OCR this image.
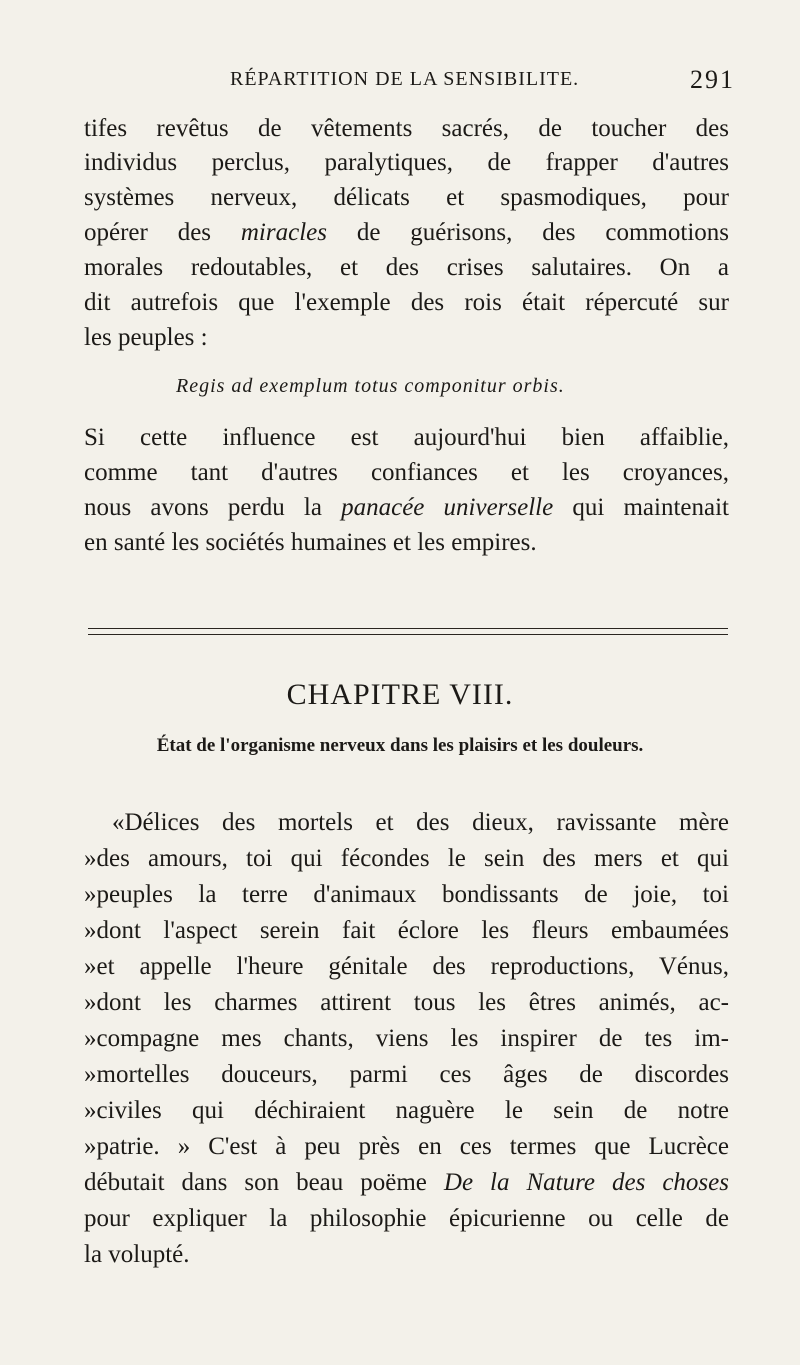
RÉPARTITION DE LA SENSIBILITE.	291
tifes revêtus de vêtements sacrés, de toucher des
individus perclus, paralytiques, de frapper d'autres
systèmes nerveux, délicats et spasmodiques, pour
opérer des miracles de guérisons, des commotions
morales redoutables, et des crises salutaires. On a
dit autrefois que l'exemple des rois était répercuté sur
les peuples :
Regis ad exemplum totus componitur orbis.
Si cette influence est aujourd'hui bien affaiblie,
comme tant d'autres confiances et les croyances,
nous avons perdu la panacée universelle qui maintenait
en santé les sociétés humaines et les empires.
CHAPITRE VIII.
État de l'organisme nerveux dans les plaisirs et les douleurs.
«Délices des mortels et des dieux, ravissante mère
»des amours, toi qui fécondes le sein des mers et qui
»peuples la terre d'animaux bondissants de joie, toi
»dont l'aspect serein fait éclore les fleurs embaumées
»et appelle l'heure génitale des reproductions, Vénus,
»dont les charmes attirent tous les êtres animés, ac-
»compagne mes chants, viens les inspirer de tes im-
»mortelles douceurs, parmi ces âges de discordes
»civiles qui déchiraient naguère le sein de notre
»patrie. » C'est à peu près en ces termes que Lucrèce
débutait dans son beau poëme De la Nature des choses
pour expliquer la philosophie épicurienne ou celle de
la volupté.
